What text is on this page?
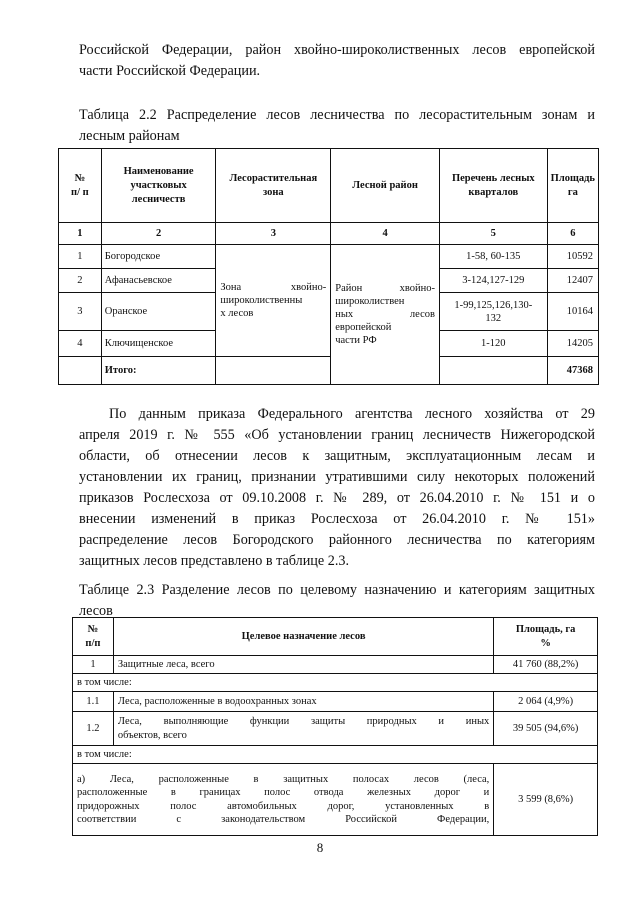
Российской Федерации, район хвойно-широколиственных лесов европейской
части Российской Федерации.
Таблица 2.2 Распределение лесов лесничества по лесорастительным зонам и
лесным районам
№
п/ п	Наименование
участковых
лесничеств	Лесорастительная
зона	Лесной район	Перечень лесных
кварталов	Площадь
га
1	2	3	4	5	6
1	Богородское	Зона хвойно-
широколиственны
х лесов	Район хвойно-
широколиствен
ных лесов
европейской
части РФ	1-58, 60-135	10592
2	Афанасьевское			3-124,127-129	12407
3	Оранское			1-99,125,126,130-
132	10164
4	Ключищенское			1-120	14205
	Итого:				47368
По данным приказа Федерального агентства лесного хозяйства от 29
апреля 2019 г. № 555 «Об установлении границ лесничеств Нижегородской
области, об отнесении лесов к защитным, эксплуатационным лесам и
установлении их границ, признании утратившими силу некоторых положений
приказов Рослесхоза от 09.10.2008 г. № 289, от 26.04.2010 г. № 151 и о
внесении изменений в приказ Рослесхоза от 26.04.2010 г. № 151»
распределение лесов Богородского районного лесничества по категориям
защитных лесов представлено в таблице 2.3.
Таблице 2.3 Разделение лесов по целевому назначению и категориям защитных
лесов
№
п/п	Целевое назначение лесов	Площадь, га
%
1	Защитные леса, всего	41 760 (88,2%)
в том числе:		
1.1	Леса, расположенные в водоохранных зонах	2 064 (4,9%)
1.2	Леса, выполняющие функции защиты природных и иных
объектов, всего	39 505 (94,6%)
в том числе:		

а) Леса, расположенные в защитных полосах лесов (леса,
расположенные в границах полос отвода железных дорог и
придорожных полос автомобильных дорог, установленных в
соответствии с законодательством Российской Федерации,		3 599 (8,6%)
8
